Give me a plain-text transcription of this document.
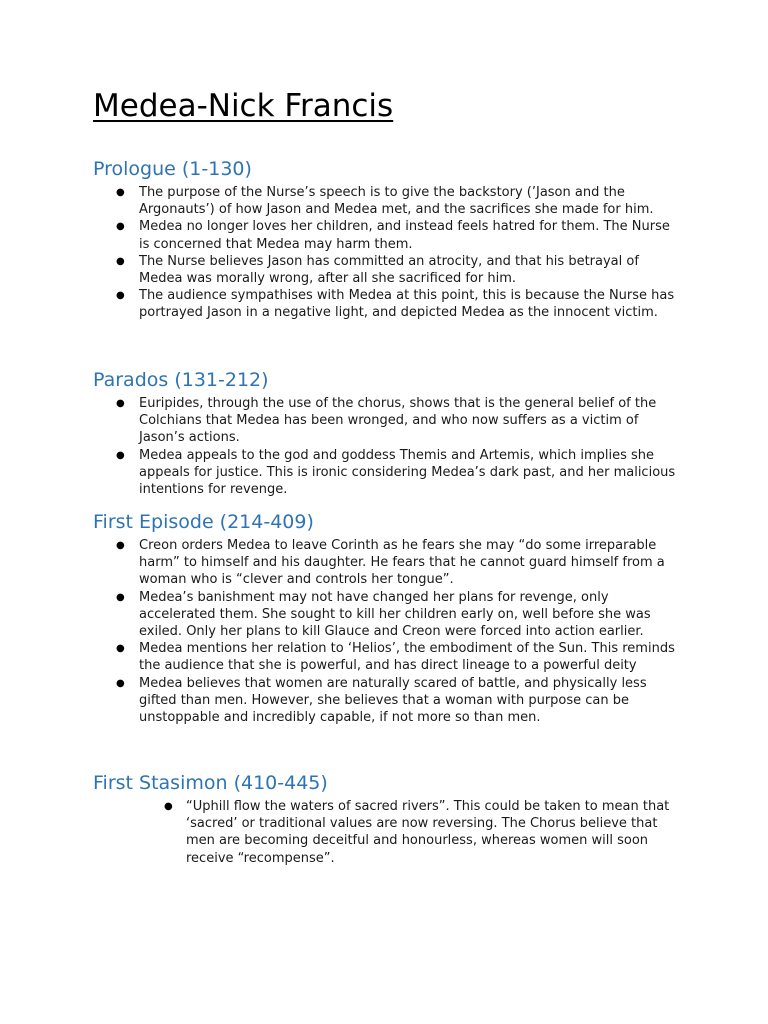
Medea-Nick Francis
Prologue (1-130)
● The purpose of the Nurse’s speech is to give the backstory (’Jason and the Argonauts’) of how Jason and Medea met, and the sacrifices she made for him.
● Medea no longer loves her children, and instead feels hatred for them. The Nurse is concerned that Medea may harm them.
● The Nurse believes Jason has committed an atrocity, and that his betrayal of Medea was morally wrong, after all she sacrificed for him.
● The audience sympathises with Medea at this point, this is because the Nurse has portrayed Jason in a negative light, and depicted Medea as the innocent victim.
Parados (131-212)
● Euripides, through the use of the chorus, shows that is the general belief of the Colchians that Medea has been wronged, and who now suffers as a victim of Jason’s actions.
● Medea appeals to the god and goddess Themis and Artemis, which implies she appeals for justice. This is ironic considering Medea’s dark past, and her malicious intentions for revenge.
First Episode (214-409)
● Creon orders Medea to leave Corinth as he fears she may “do some irreparable harm” to himself and his daughter. He fears that he cannot guard himself from a woman who is “clever and controls her tongue”.
● Medea’s banishment may not have changed her plans for revenge, only accelerated them. She sought to kill her children early on, well before she was exiled. Only her plans to kill Glauce and Creon were forced into action earlier.
● Medea mentions her relation to ‘Helios’, the embodiment of the Sun. This reminds the audience that she is powerful, and has direct lineage to a powerful deity
● Medea believes that women are naturally scared of battle, and physically less gifted than men. However, she believes that a woman with purpose can be unstoppable and incredibly capable, if not more so than men.
First Stasimon (410-445)
● “Uphill flow the waters of sacred rivers”. This could be taken to mean that ‘sacred’ or traditional values are now reversing. The Chorus believe that men are becoming deceitful and honourless, whereas women will soon receive “recompense”.
